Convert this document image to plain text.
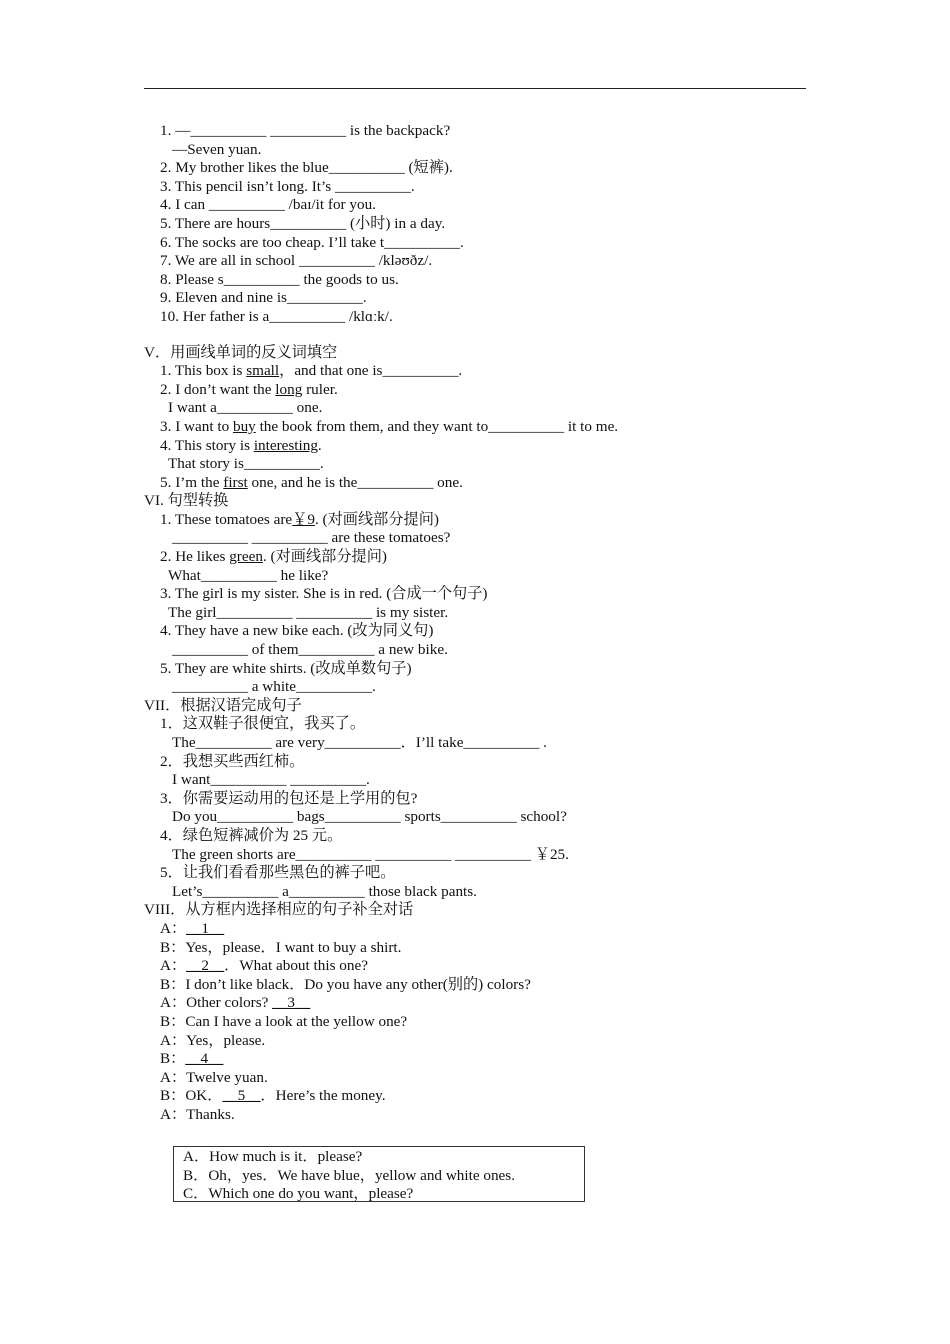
1. —__________ __________ is the backpack?
—Seven yuan.
2. My brother likes the blue__________ (短裤).
3. This pencil isn’t long. It’s __________.
4. I can __________ /baɪ/it for you.
5. There are hours__________ (小时) in a day.
6. The socks are too cheap. I’ll take t__________.
7. We are all in school __________ /kləʊðz/.
8. Please s__________ the goods to us.
9. Eleven and nine is__________.
10. Her father is a__________ /klɑːk/.
V．用画线单词的反义词填空
1. This box is small，and that one is__________.
2. I don’t want the long ruler.
I want a__________ one.
3. I want to buy the book from them, and they want to__________ it to me.
4. This story is interesting.
That story is__________.
5. I’m the first one, and he is the__________ one.
VI. 句型转换
1. These tomatoes are￥9. (对画线部分提问)
__________ __________ are these tomatoes?
2. He likes green. (对画线部分提问)
What__________ he like?
3. The girl is my sister. She is in red. (合成一个句子)
The girl__________ __________ is my sister.
4. They have a new bike each. (改为同义句)
__________ of them__________ a new bike.
5. They are white shirts. (改成单数句子)
__________ a white__________.
VII．根据汉语完成句子
1．这双鞋子很便宜，我买了。
The__________ are very__________．I’ll take__________ .
2．我想买些西红柿。
I want__________ __________.
3．你需要运动用的包还是上学用的包?
Do you__________ bags__________ sports__________ school?
4．绿色短裤减价为 25 元。
The green shorts are__________ __________ __________ ￥25.
5．让我们看看那些黑色的裤子吧。
Let’s__________ a__________ those black pants.
VIII．从方框内选择相应的句子补全对话
A：__1__
B：Yes，please．I want to buy a shirt.
A：__2__．What about this one?
B：I don’t like black．Do you have any other(别的) colors?
A：Other colors? __3__
B：Can I have a look at the yellow one?
A：Yes，please.
B：__4__
A：Twelve yuan.
B：OK．__5__．Here’s the money.
A：Thanks.
A．How much is it．please?
B．Oh，yes．We have blue，yellow and white ones.
C．Which one do you want，please?
